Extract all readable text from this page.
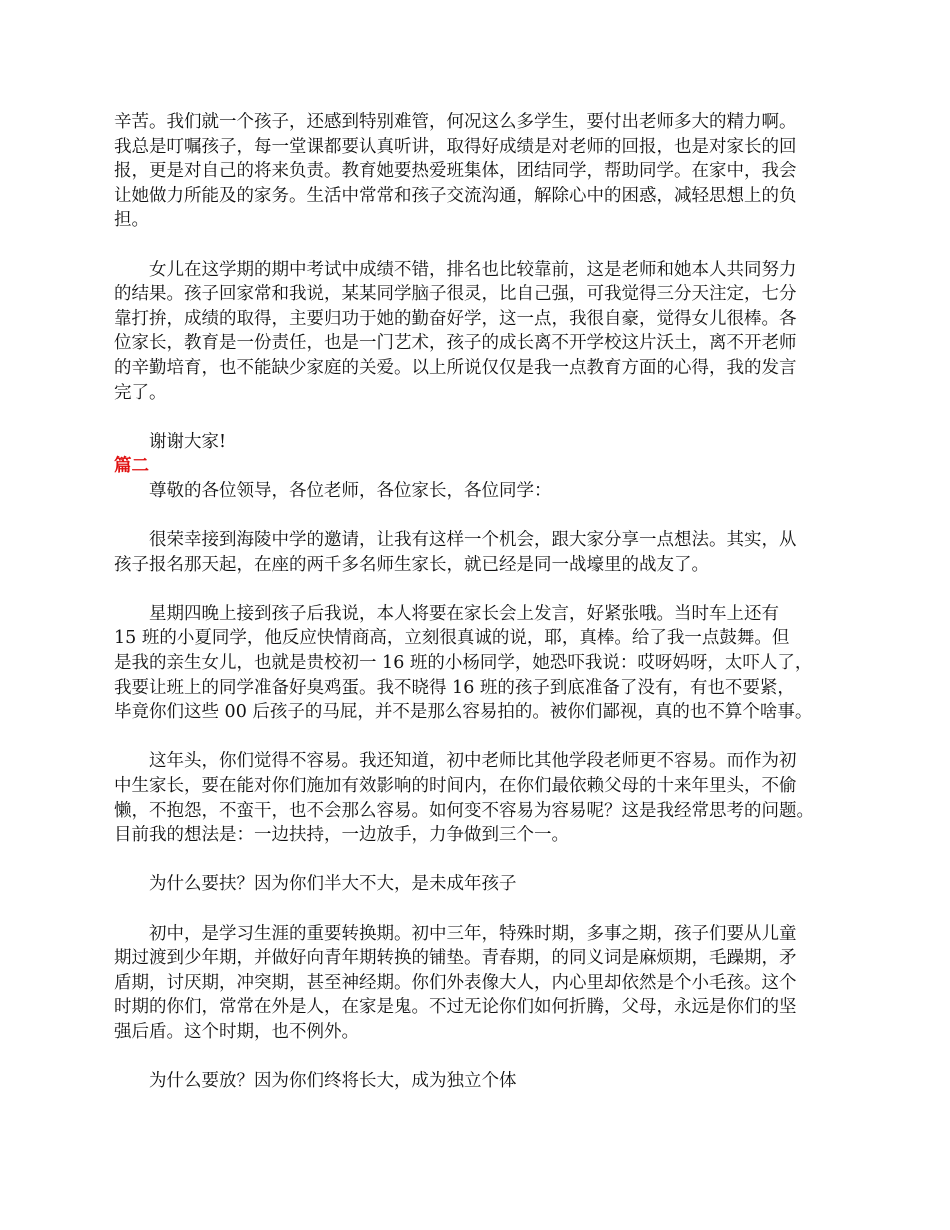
辛苦。我们就一个孩子，还感到特别难管，何况这么多学生，要付出老师多大的精力啊。
我总是叮嘱孩子，每一堂课都要认真听讲，取得好成绩是对老师的回报，也是对家长的回
报，更是对自己的将来负责。教育她要热爱班集体，团结同学，帮助同学。在家中，我会
让她做力所能及的家务。生活中常常和孩子交流沟通，解除心中的困惑，减轻思想上的负
担。
女儿在这学期的期中考试中成绩不错，排名也比较靠前，这是老师和她本人共同努力
的结果。孩子回家常和我说，某某同学脑子很灵，比自己强，可我觉得三分天注定，七分
靠打拚，成绩的取得，主要归功于她的勤奋好学，这一点，我很自豪，觉得女儿很棒。各
位家长，教育是一份责任，也是一门艺术，孩子的成长离不开学校这片沃土，离不开老师
的辛勤培育，也不能缺少家庭的关爱。以上所说仅仅是我一点教育方面的心得，我的发言
完了。
谢谢大家!
篇二
尊敬的各位领导，各位老师，各位家长，各位同学：
很荣幸接到海陵中学的邀请，让我有这样一个机会，跟大家分享一点想法。其实，从
孩子报名那天起，在座的两千多名师生家长，就已经是同一战壕里的战友了。
星期四晚上接到孩子后我说，本人将要在家长会上发言，好紧张哦。当时车上还有
15 班的小夏同学，他反应快情商高，立刻很真诚的说，耶，真棒。给了我一点鼓舞。但
是我的亲生女儿，也就是贵校初一 16 班的小杨同学，她恐吓我说：哎呀妈呀，太吓人了，
我要让班上的同学准备好臭鸡蛋。我不晓得 16 班的孩子到底准备了没有，有也不要紧，
毕竟你们这些 00 后孩子的马屁，并不是那么容易拍的。被你们鄙视，真的也不算个啥事。
这年头，你们觉得不容易。我还知道，初中老师比其他学段老师更不容易。而作为初
中生家长，要在能对你们施加有效影响的时间内，在你们最依赖父母的十来年里头，不偷
懒，不抱怨，不蛮干，也不会那么容易。如何变不容易为容易呢？这是我经常思考的问题。
目前我的想法是：一边扶持，一边放手，力争做到三个一。
为什么要扶？因为你们半大不大，是未成年孩子
初中，是学习生涯的重要转换期。初中三年，特殊时期，多事之期，孩子们要从儿童
期过渡到少年期，并做好向青年期转换的铺垫。青春期，的同义词是麻烦期，毛躁期，矛
盾期，讨厌期，冲突期，甚至神经期。你们外表像大人，内心里却依然是个小毛孩。这个
时期的你们，常常在外是人，在家是鬼。不过无论你们如何折腾，父母，永远是你们的坚
强后盾。这个时期，也不例外。
为什么要放？因为你们终将长大，成为独立个体
